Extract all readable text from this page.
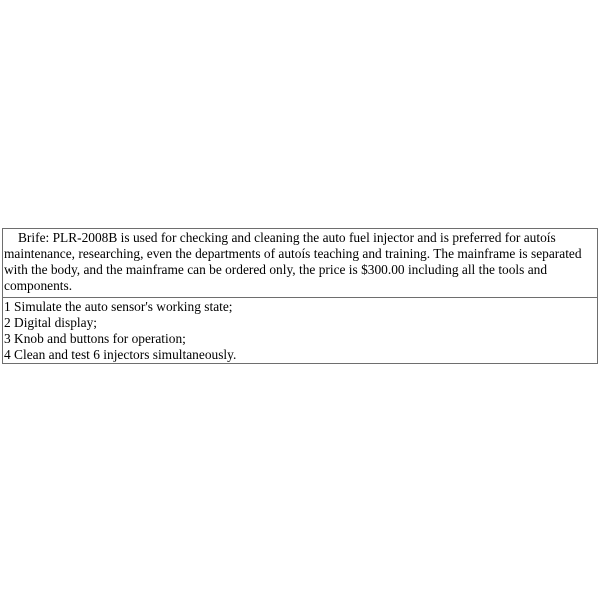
Brife: PLR-2008B is used for checking and cleaning the auto fuel injector and is preferred for autoís maintenance, researching, even the departments of autoís teaching and training. The mainframe is separated with the body, and the mainframe can be ordered only, the price is $300.00 including all the tools and components.

1 Simulate the auto sensor's working state;
2 Digital display;
3 Knob and buttons for operation;
4 Clean and test 6 injectors simultaneously.
